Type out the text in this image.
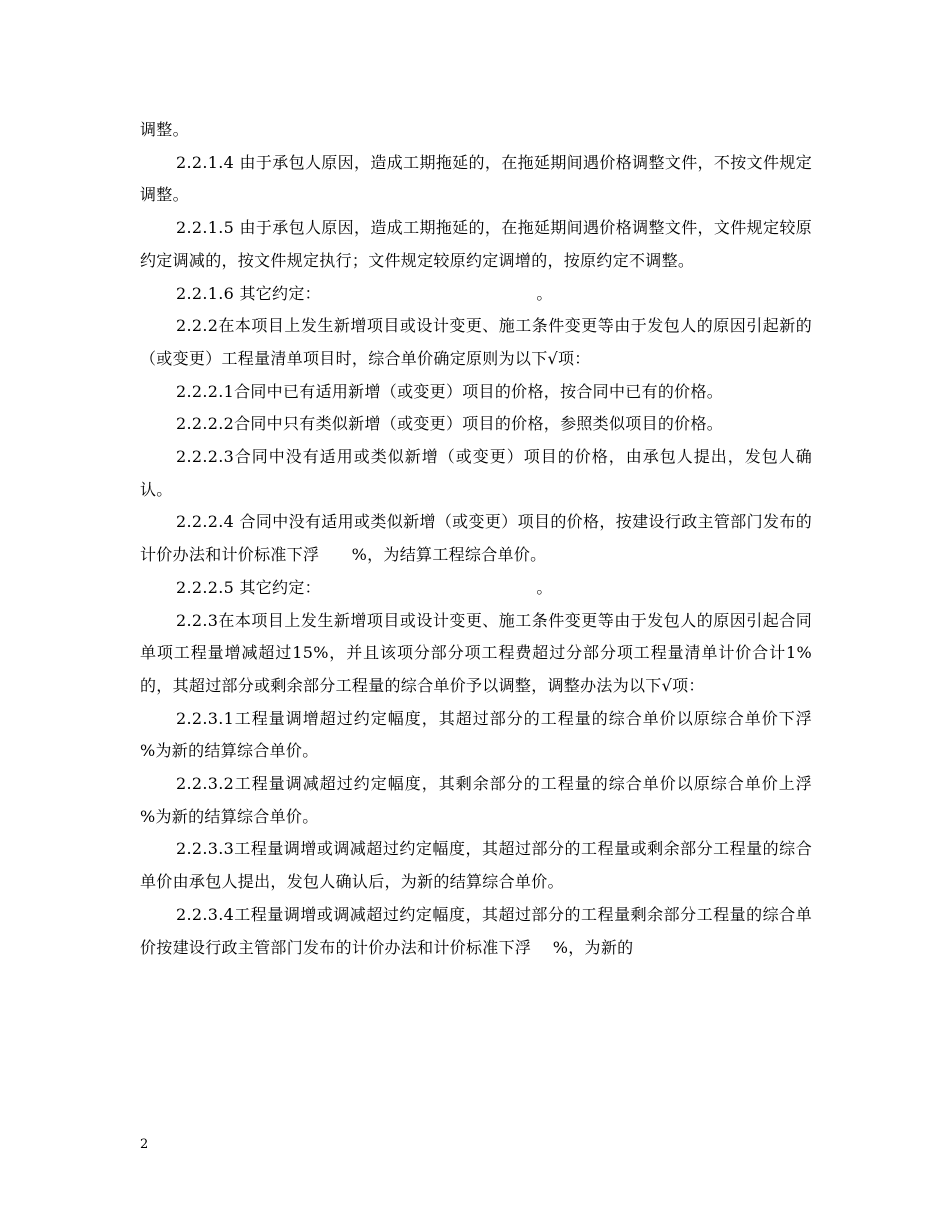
调整。

2.2.1.4 由于承包人原因，造成工期拖延的，在拖延期间遇价格调整文件，不按文件规定调整。

2.2.1.5 由于承包人原因，造成工期拖延的，在拖延期间遇价格调整文件，文件规定较原约定调减的，按文件规定执行；文件规定较原约定调增的，按原约定不调整。

2.2.1.6 其它约定：                                        。

2.2.2在本项目上发生新增项目或设计变更、施工条件变更等由于发包人的原因引起新的（或变更）工程量清单项目时，综合单价确定原则为以下√项：

2.2.2.1合同中已有适用新增（或变更）项目的价格，按合同中已有的价格。

2.2.2.2合同中只有类似新增（或变更）项目的价格，参照类似项目的价格。

2.2.2.3合同中没有适用或类似新增（或变更）项目的价格，由承包人提出，发包人确认。

2.2.2.4 合同中没有适用或类似新增（或变更）项目的价格，按建设行政主管部门发布的计价办法和计价标准下浮      %，为结算工程综合单价。

2.2.2.5 其它约定：                                        。

2.2.3在本项目上发生新增项目或设计变更、施工条件变更等由于发包人的原因引起合同单项工程量增减超过15%，并且该项分部分项工程费超过分部分项工程量清单计价合计1%的，其超过部分或剩余部分工程量的综合单价予以调整，调整办法为以下√项：

2.2.3.1工程量调增超过约定幅度，其超过部分的工程量的综合单价以原综合单价下浮    %为新的结算综合单价。

2.2.3.2工程量调减超过约定幅度，其剩余部分的工程量的综合单价以原综合单价上浮    %为新的结算综合单价。

2.2.3.3工程量调增或调减超过约定幅度，其超过部分的工程量或剩余部分工程量的综合单价由承包人提出，发包人确认后，为新的结算综合单价。

2.2.3.4工程量调增或调减超过约定幅度，其超过部分的工程量剩余部分工程量的综合单价按建设行政主管部门发布的计价办法和计价标准下浮    %，为新的

2
